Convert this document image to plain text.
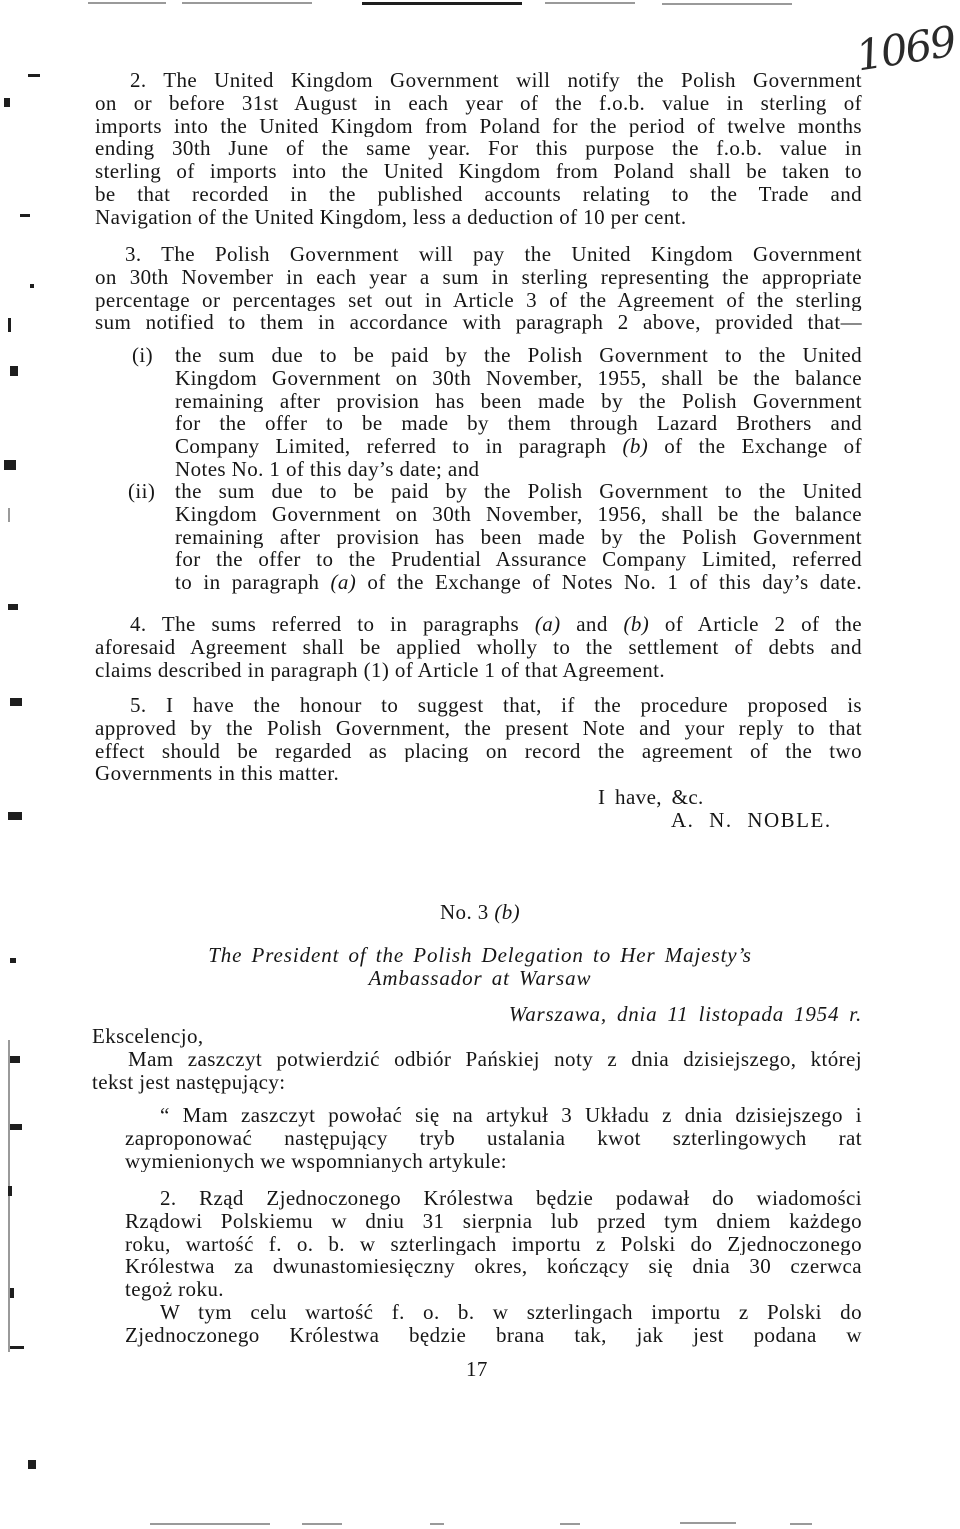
1069
2. The United Kingdom Government will notify the Polish Government
on or before 31st August in each year of the f.o.b. value in sterling of
imports into the United Kingdom from Poland for the period of twelve months
ending 30th June of the same year. For this purpose the f.o.b. value in
sterling of imports into the United Kingdom from Poland shall be taken to
be that recorded in the published accounts relating to the Trade and
Navigation of the United Kingdom, less a deduction of 10 per cent.
3. The Polish Government will pay the United Kingdom Government
on 30th November in each year a sum in sterling representing the appropriate
percentage or percentages set out in Article 3 of the Agreement of the sterling
sum notified to them in accordance with paragraph 2 above, provided that—
(i) the sum due to be paid by the Polish Government to the United
Kingdom Government on 30th November, 1955, shall be the balance
remaining after provision has been made by the Polish Government
for the offer to be made by them through Lazard Brothers and
Company Limited, referred to in paragraph (b) of the Exchange of
Notes No. 1 of this day’s date; and
(ii) the sum due to be paid by the Polish Government to the United
Kingdom Government on 30th November, 1956, shall be the balance
remaining after provision has been made by the Polish Government
for the offer to the Prudential Assurance Company Limited, referred
to in paragraph (a) of the Exchange of Notes No. 1 of this day’s date.
4. The sums referred to in paragraphs (a) and (b) of Article 2 of the
aforesaid Agreement shall be applied wholly to the settlement of debts and
claims described in paragraph (1) of Article 1 of that Agreement.
5. I have the honour to suggest that, if the procedure proposed is
approved by the Polish Government, the present Note and your reply to that
effect should be regarded as placing on record the agreement of the two
Governments in this matter.
I have, &c.
A. N. NOBLE.
No. 3 (b)
The President of the Polish Delegation to Her Majesty’s
Ambassador at Warsaw
Warszawa, dnia 11 listopada 1954 r.
Ekscelencjo,
Mam zaszczyt potwierdzić odbiór Pańskiej noty z dnia dzisiejszego, której
tekst jest następujący:
“ Mam zaszczyt powołać się na artykuł 3 Układu z dnia dzisiejszego i
zaproponować następujący tryb ustalania kwot szterlingowych rat
wymienionych we wspomnianych artykule:
2. Rząd Zjednoczonego Królestwa będzie podawał do wiadomości
Rządowi Polskiemu w dniu 31 sierpnia lub przed tym dniem każdego
roku, wartość f. o. b. w szterlingach importu z Polski do Zjednoczonego
Królestwa za dwunastomiesięczny okres, kończący się dnia 30 czerwca
tegoż roku.
W tym celu wartość f. o. b. w szterlingach importu z Polski do
Zjednoczonego Królestwa będzie brana tak, jak jest podana w
17
